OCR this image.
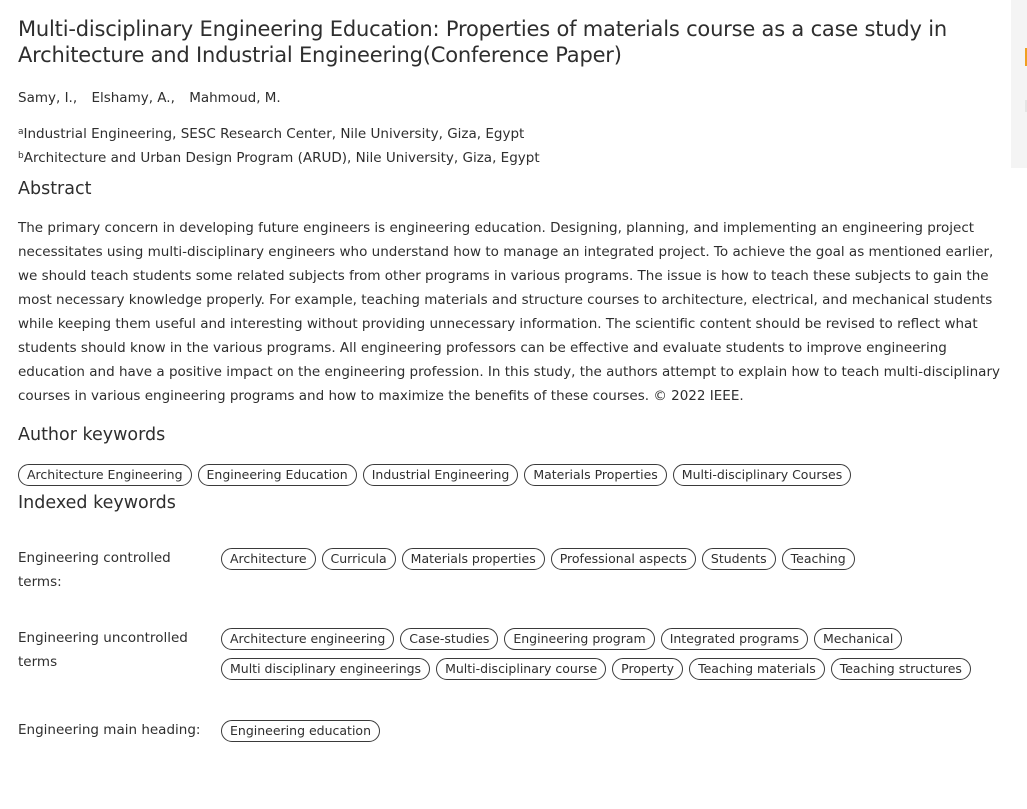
Multi-disciplinary Engineering Education: Properties of materials course as a case study in Architecture and Industrial Engineering(Conference Paper)
Samy, I., Elshamy, A., Mahmoud, M.
$^a$Industrial Engineering, SESC Research Center, Nile University, Giza, Egypt
$^b$Architecture and Urban Design Program (ARUD), Nile University, Giza, Egypt
Abstract

The primary concern in developing future engineers is engineering education. Designing, planning, and implementing an engineering project necessitates using multi-disciplinary engineers who understand how to manage an integrated project. To achieve the goal as mentioned earlier, we should teach students some related subjects from other programs in various programs. The issue is how to teach these subjects to gain the most necessary knowledge properly. For example, teaching materials and structure courses to architecture, electrical, and mechanical students while keeping them useful and interesting without providing unnecessary information. The scientific content should be revised to reflect what students should know in the various programs. All engineering professors can be effective and evaluate students to improve engineering education and have a positive impact on the engineering profession. In this study, the authors attempt to explain how to teach multi-disciplinary courses in various engineering programs and how to maximize the benefits of these courses. © 2022 IEEE.

Author keywords
Architecture Engineering	Engineering Education	Industrial Engineering	Materials Properties	Multi-disciplinary Courses
Indexed keywords
Engineering controlled terms:
Architecture	Curricula	Materials properties	Professional aspects	Students	Teaching
Engineering uncontrolled terms
Architecture engineering	Case-studies	Engineering program	Integrated programs	Mechanical
Multi disciplinary engineerings	Multi-disciplinary course	Property	Teaching materials	Teaching structures
Engineering main heading:	Engineering education
